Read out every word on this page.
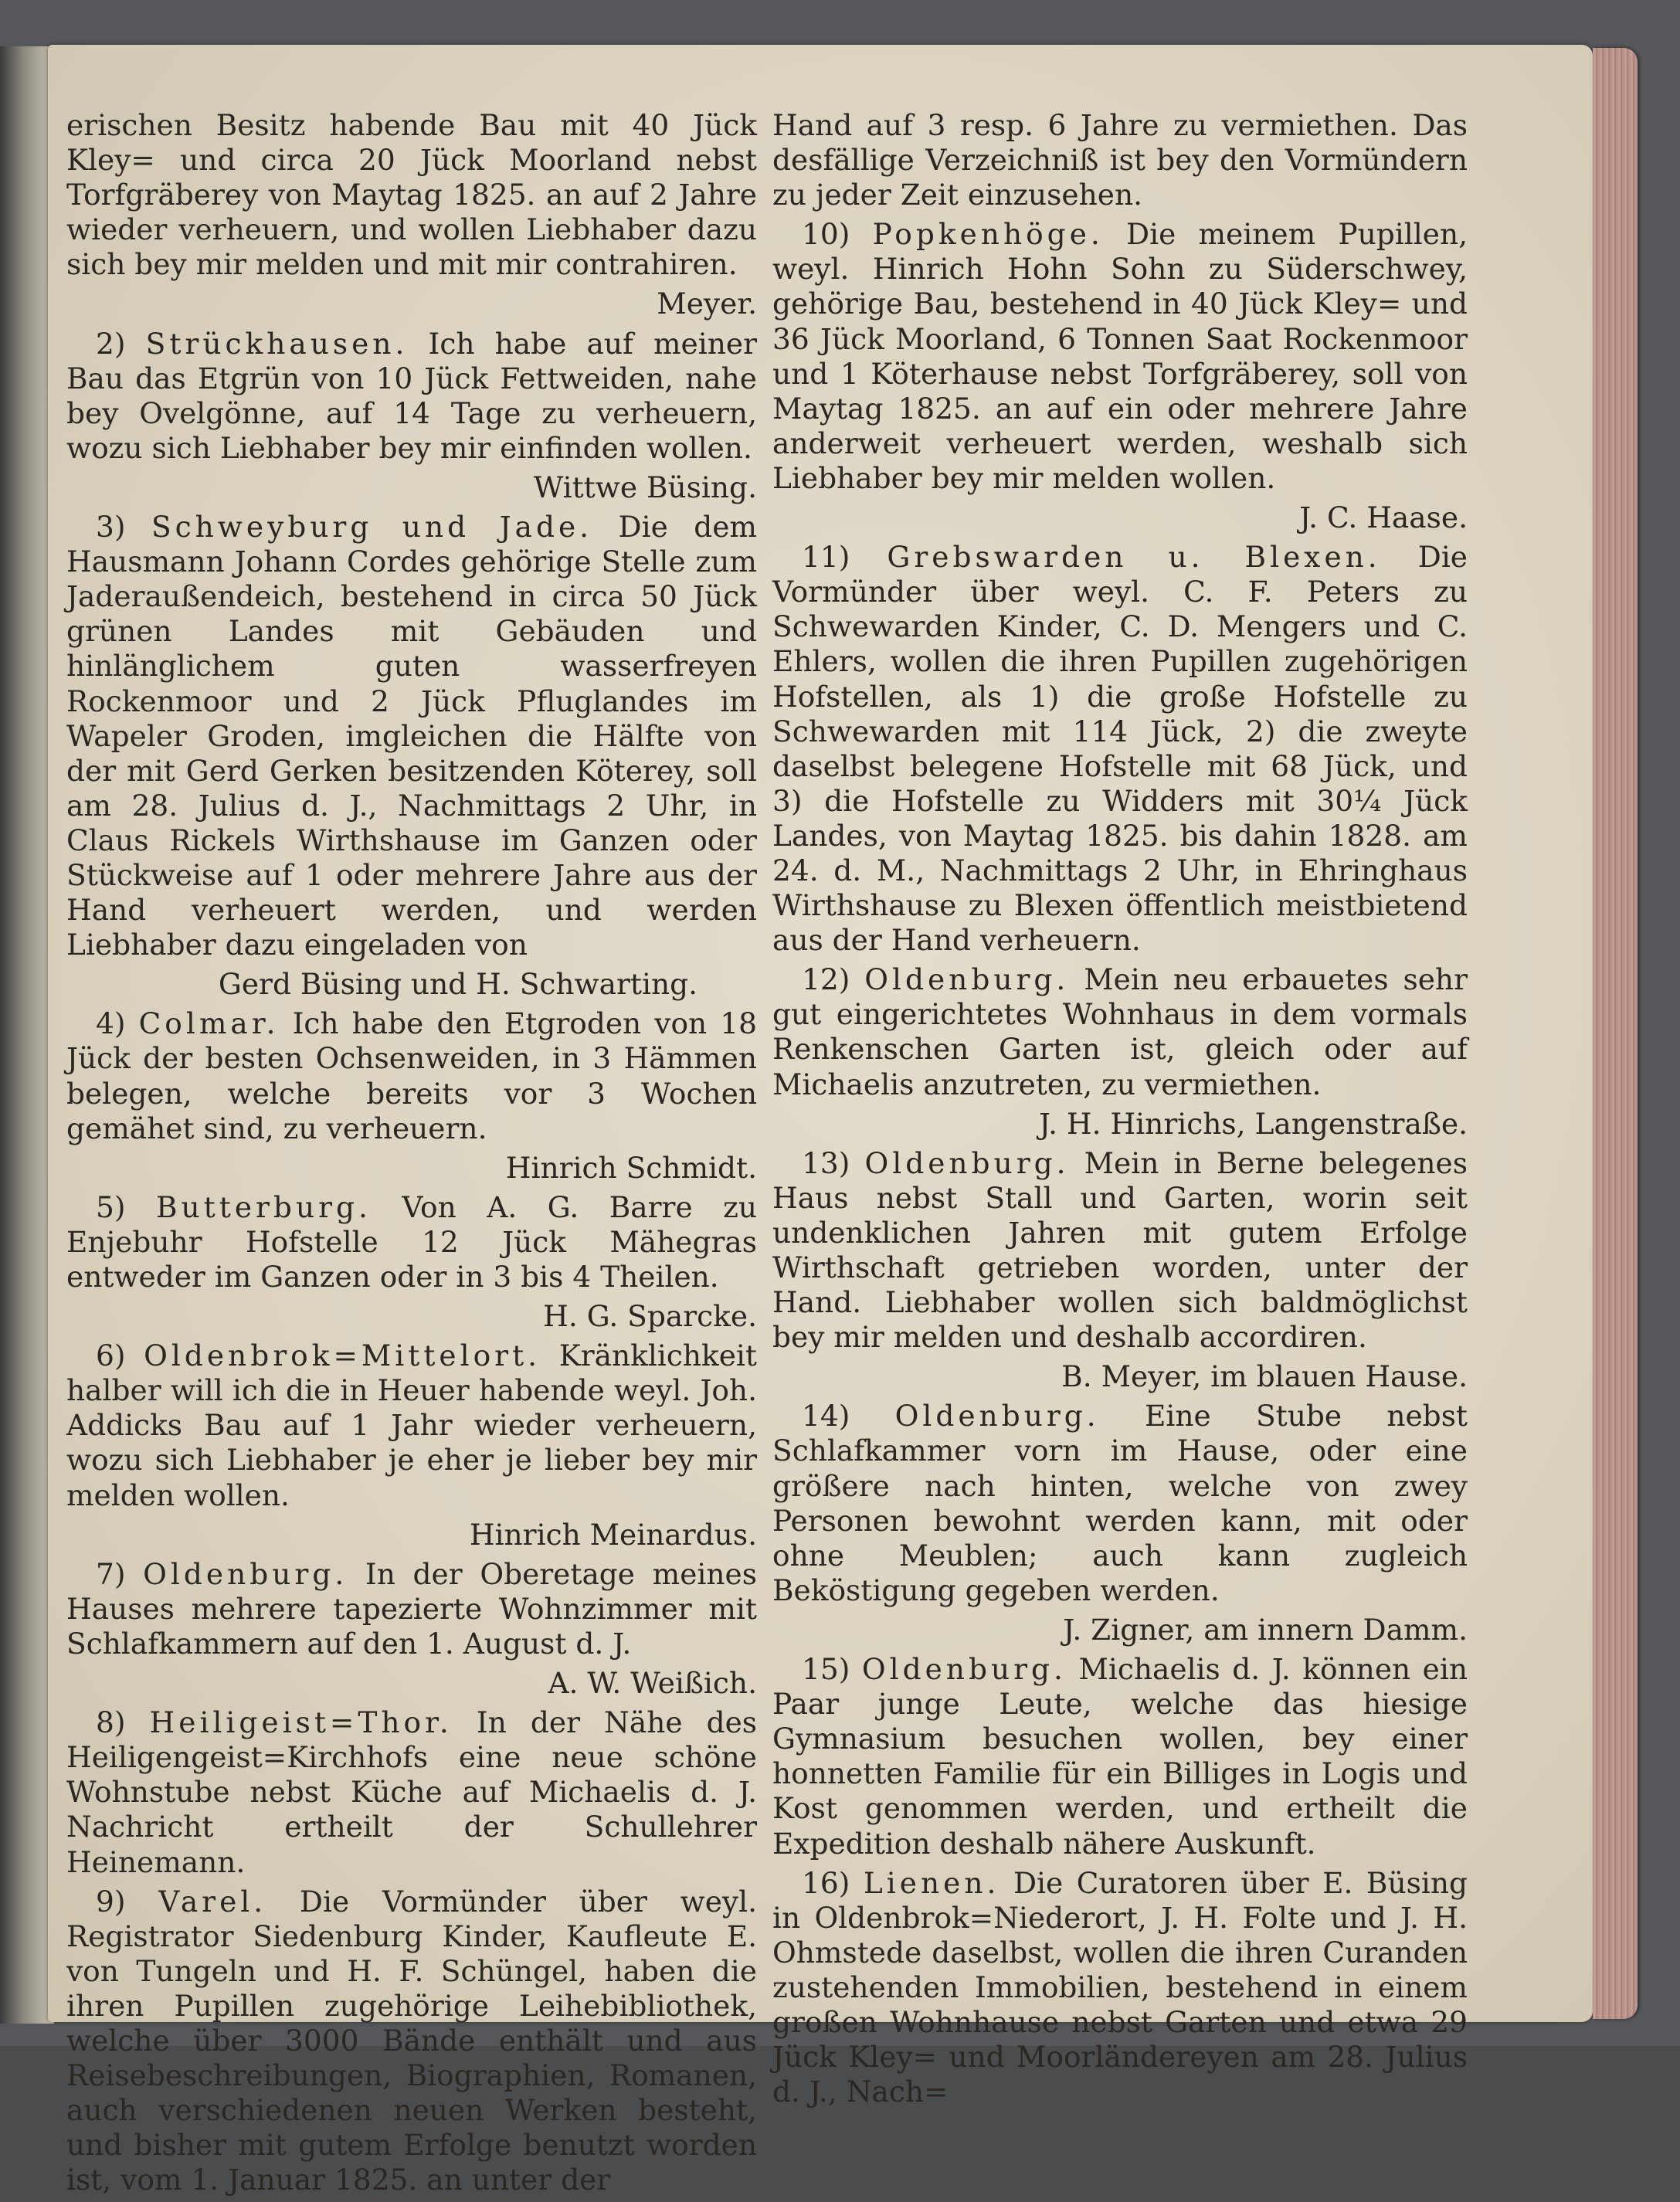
erischen Besitz habende Bau mit 40 Jück Kley= und circa 20 Jück Moorland nebst Torfgräberey von Maytag 1825. an auf 2 Jahre wieder verheuern, und wollen Liebhaber dazu sich bey mir melden und mit mir contrahiren.

Meyer.

2) Strückhausen. Ich habe auf meiner Bau das Etgrün von 10 Jück Fettweiden, nahe bey Ovelgönne, auf 14 Tage zu verheuern, wozu sich Liebhaber bey mir einfinden wollen.

Wittwe Büsing.

3) Schweyburg und Jade. Die dem Hausmann Johann Cordes gehörige Stelle zum Jaderaußendeich, bestehend in circa 50 Jück grünen Landes mit Gebäuden und hinlänglichem guten wasserfreyen Rockenmoor und 2 Jück Pfluglandes im Wapeler Groden, imgleichen die Hälfte von der mit Gerd Gerken besitzenden Köterey, soll am 28. Julius d. J., Nachmittags 2 Uhr, in Claus Rickels Wirthshause im Ganzen oder Stückweise auf 1 oder mehrere Jahre aus der Hand verheuert werden, und werden Liebhaber dazu eingeladen von

Gerd Büsing und H. Schwarting.

4) Colmar. Ich habe den Etgroden von 18 Jück der besten Ochsenweiden, in 3 Hämmen belegen, welche bereits vor 3 Wochen gemähet sind, zu verheuern.

Hinrich Schmidt.

5) Butterburg. Von A. G. Barre zu Enjebuhr Hofstelle 12 Jück Mähegras entweder im Ganzen oder in 3 bis 4 Theilen.

H. G. Sparcke.

6) Oldenbrok=Mittelort. Kränklichkeit halber will ich die in Heuer habende weyl. Joh. Addicks Bau auf 1 Jahr wieder verheuern, wozu sich Liebhaber je eher je lieber bey mir melden wollen.

Hinrich Meinardus.

7) Oldenburg. In der Oberetage meines Hauses mehrere tapezierte Wohnzimmer mit Schlafkammern auf den 1. August d. J.

A. W. Weißich.

8) Heiligeist=Thor. In der Nähe des Heiligengeist=Kirchhofs eine neue schöne Wohnstube nebst Küche auf Michaelis d. J. Nachricht ertheilt der Schullehrer Heinemann.

9) Varel. Die Vormünder über weyl. Registrator Siedenburg Kinder, Kaufleute E. von Tungeln und H. F. Schüngel, haben die ihren Pupillen zugehörige Leihebibliothek, welche über 3000 Bände enthält und aus Reisebeschreibungen, Biographien, Romanen, auch verschiedenen neuen Werken besteht, und bisher mit gutem Erfolge benutzt worden ist, vom 1. Januar 1825. an unter der

Hand auf 3 resp. 6 Jahre zu vermiethen. Das desfällige Verzeichniß ist bey den Vormündern zu jeder Zeit einzusehen.

10) Popkenhöge. Die meinem Pupillen, weyl. Hinrich Hohn Sohn zu Süderschwey, gehörige Bau, bestehend in 40 Jück Kley= und 36 Jück Moorland, 6 Tonnen Saat Rockenmoor und 1 Köterhause nebst Torfgräberey, soll von Maytag 1825. an auf ein oder mehrere Jahre anderweit verheuert werden, weshalb sich Liebhaber bey mir melden wollen.

J. C. Haase.

11) Grebswarden u. Blexen. Die Vormünder über weyl. C. F. Peters zu Schwewarden Kinder, C. D. Mengers und C. Ehlers, wollen die ihren Pupillen zugehörigen Hofstellen, als 1) die große Hofstelle zu Schwewarden mit 114 Jück, 2) die zweyte daselbst belegene Hofstelle mit 68 Jück, und 3) die Hofstelle zu Widders mit 30¼ Jück Landes, von Maytag 1825. bis dahin 1828. am 24. d. M., Nachmittags 2 Uhr, in Ehringhaus Wirthshause zu Blexen öffentlich meistbietend aus der Hand verheuern.

12) Oldenburg. Mein neu erbauetes sehr gut eingerichtetes Wohnhaus in dem vormals Renkenschen Garten ist, gleich oder auf Michaelis anzutreten, zu vermiethen.

J. H. Hinrichs, Langenstraße.

13) Oldenburg. Mein in Berne belegenes Haus nebst Stall und Garten, worin seit undenklichen Jahren mit gutem Erfolge Wirthschaft getrieben worden, unter der Hand. Liebhaber wollen sich baldmöglichst bey mir melden und deshalb accordiren.

B. Meyer, im blauen Hause.

14) Oldenburg. Eine Stube nebst Schlafkammer vorn im Hause, oder eine größere nach hinten, welche von zwey Personen bewohnt werden kann, mit oder ohne Meublen; auch kann zugleich Beköstigung gegeben werden.

J. Zigner, am innern Damm.

15) Oldenburg. Michaelis d. J. können ein Paar junge Leute, welche das hiesige Gymnasium besuchen wollen, bey einer honnetten Familie für ein Billiges in Logis und Kost genommen werden, und ertheilt die Expedition deshalb nähere Auskunft.

16) Lienen. Die Curatoren über E. Büsing in Oldenbrok=Niederort, J. H. Folte und J. H. Ohmstede daselbst, wollen die ihren Curanden zustehenden Immobilien, bestehend in einem großen Wohnhause nebst Garten und etwa 29 Jück Kley= und Moorländereyen am 28. Julius d. J., Nach=
